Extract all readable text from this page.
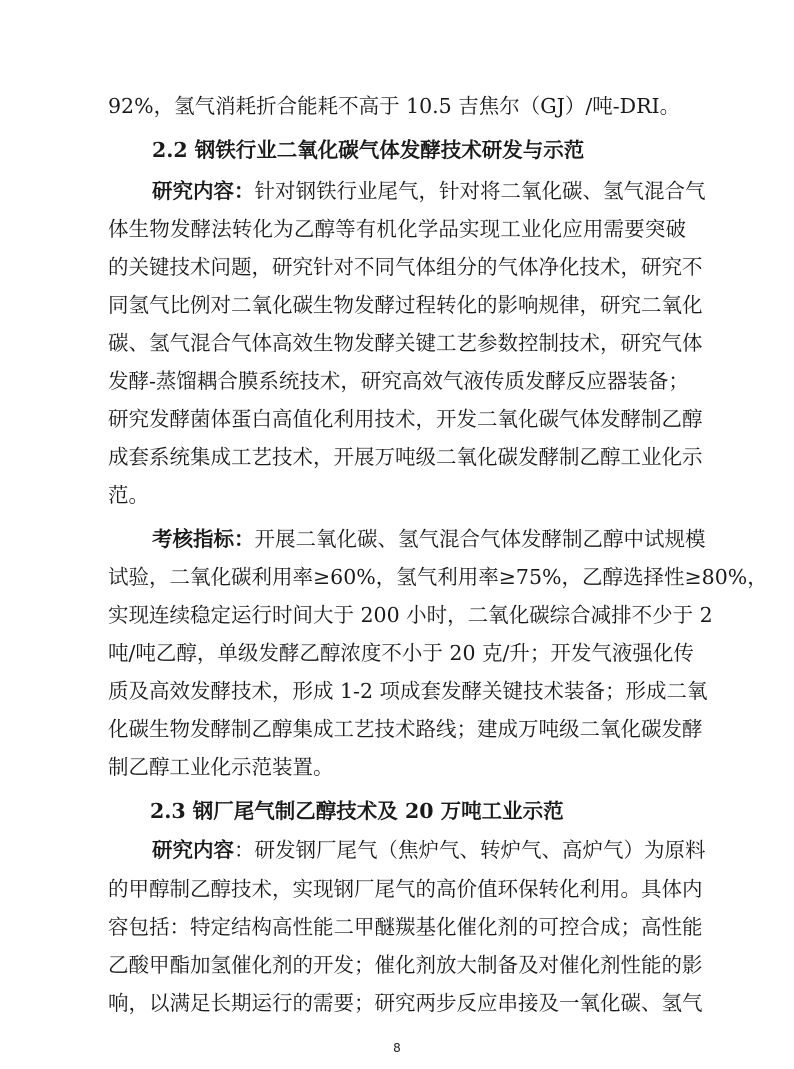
92%，氢气消耗折合能耗不高于 10.5 吉焦尔（GJ）/吨-DRI。
2.2 钢铁行业二氧化碳气体发酵技术研发与示范
研究内容：针对钢铁行业尾气，针对将二氧化碳、氢气混合气
体生物发酵法转化为乙醇等有机化学品实现工业化应用需要突破
的关键技术问题，研究针对不同气体组分的气体净化技术，研究不
同氢气比例对二氧化碳生物发酵过程转化的影响规律，研究二氧化
碳、氢气混合气体高效生物发酵关键工艺参数控制技术，研究气体
发酵-蒸馏耦合膜系统技术，研究高效气液传质发酵反应器装备；
研究发酵菌体蛋白高值化利用技术，开发二氧化碳气体发酵制乙醇
成套系统集成工艺技术，开展万吨级二氧化碳发酵制乙醇工业化示
范。
考核指标：开展二氧化碳、氢气混合气体发酵制乙醇中试规模
试验，二氧化碳利用率≥60%，氢气利用率≥75%，乙醇选择性≥80%，
实现连续稳定运行时间大于 200 小时，二氧化碳综合减排不少于 2
吨/吨乙醇，单级发酵乙醇浓度不小于 20 克/升；开发气液强化传
质及高效发酵技术，形成 1-2 项成套发酵关键技术装备；形成二氧
化碳生物发酵制乙醇集成工艺技术路线；建成万吨级二氧化碳发酵
制乙醇工业化示范装置。
2.3 钢厂尾气制乙醇技术及 20 万吨工业示范
研究内容：研发钢厂尾气（焦炉气、转炉气、高炉气）为原料
的甲醇制乙醇技术，实现钢厂尾气的高价值环保转化利用。具体内
容包括：特定结构高性能二甲醚羰基化催化剂的可控合成；高性能
乙酸甲酯加氢催化剂的开发；催化剂放大制备及对催化剂性能的影
响，以满足长期运行的需要；研究两步反应串接及一氧化碳、氢气
8
